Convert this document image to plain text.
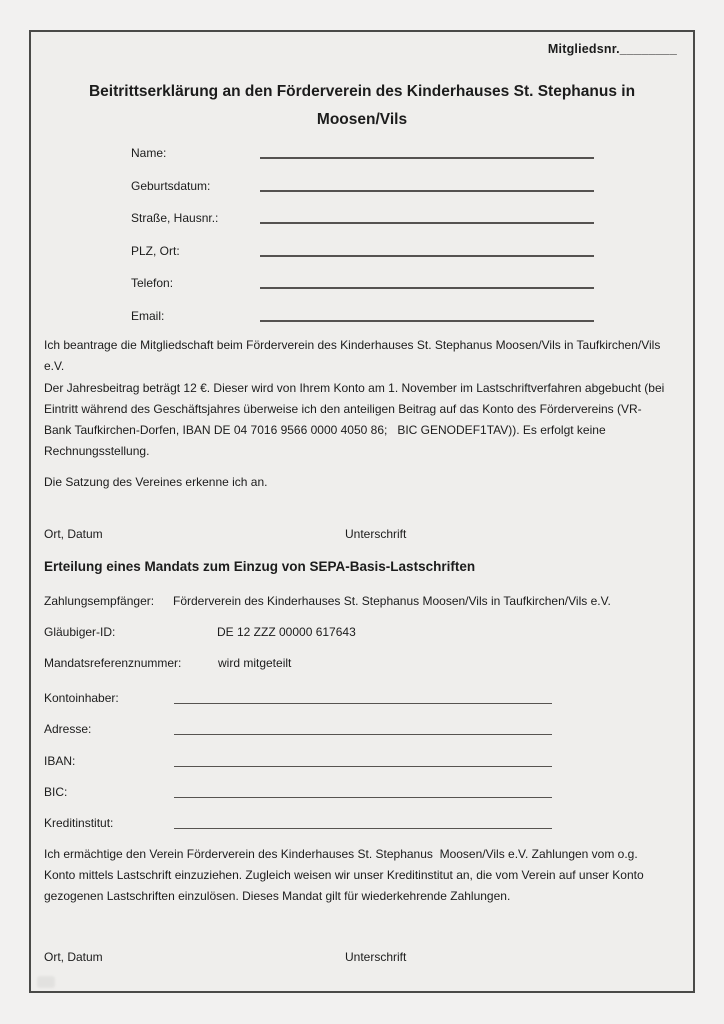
Mitgliedsnr.________
Beitrittserklärung an den Förderverein des Kinderhauses St. Stephanus in
Moosen/Vils
Name:
Geburtsdatum:
Straße, Hausnr.:
PLZ, Ort:
Telefon:
Email:

Ich beantrage die Mitgliedschaft beim Förderverein des Kinderhauses St. Stephanus Moosen/Vils in Taufkirchen/Vils e.V.

Der Jahresbeitrag beträgt 12 €. Dieser wird von Ihrem Konto am 1. November im Lastschriftverfahren abgebucht (bei Eintritt während des Geschäftsjahres überweise ich den anteiligen Beitrag auf das Konto des Fördervereins (VR-Bank Taufkirchen-Dorfen, IBAN DE 04 7016 9566 0000 4050 86;   BIC GENODEF1TAV)). Es erfolgt keine Rechnungsstellung.

Die Satzung des Vereines erkenne ich an.

Ort, Datum	Unterschrift
Erteilung eines Mandats zum Einzug von SEPA-Basis-Lastschriften
Zahlungsempfänger:	Förderverein des Kinderhauses St. Stephanus Moosen/Vils in Taufkirchen/Vils e.V.
Gläubiger-ID:	DE 12 ZZZ 00000 617643
Mandatsreferenznummer:	wird mitgeteilt
Kontoinhaber:
Adresse:
IBAN:
BIC:
Kreditinstitut:

Ich ermächtige den Verein Förderverein des Kinderhauses St. Stephanus  Moosen/Vils e.V. Zahlungen vom o.g. Konto mittels Lastschrift einzuziehen. Zugleich weisen wir unser Kreditinstitut an, die vom Verein auf unser Konto gezogenen Lastschriften einzulösen. Dieses Mandat gilt für wiederkehrende Zahlungen.

Ort, Datum	Unterschrift
